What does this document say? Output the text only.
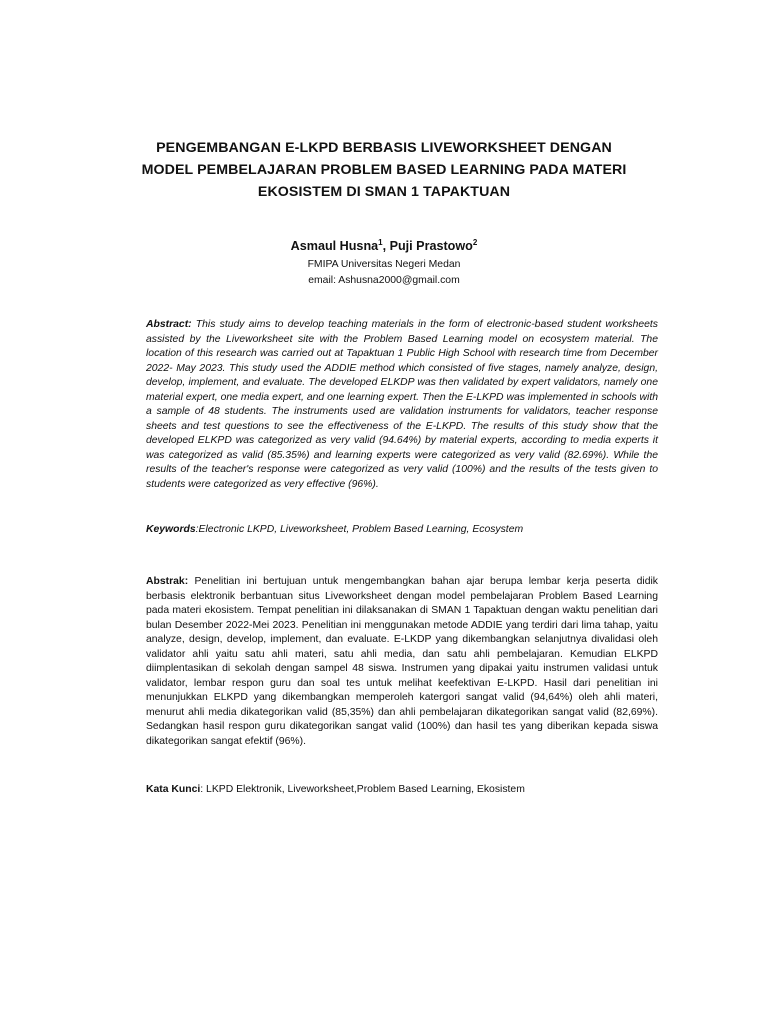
PENGEMBANGAN E-LKPD BERBASIS LIVEWORKSHEET DENGAN
MODEL PEMBELAJARAN PROBLEM BASED LEARNING PADA MATERI
EKOSISTEM DI SMAN 1 TAPAKTUAN

Asmaul Husna$^1$, Puji Prastowo$^2$

FMIPA Universitas Negeri Medan

email: Ashusna2000@gmail.com

Abstract: This study aims to develop teaching materials in the form of electronic-based student worksheets assisted by the Liveworksheet site with the Problem Based Learning model on ecosystem material. The location of this research was carried out at Tapaktuan 1 Public High School with research time from December 2022- May 2023. This study used the ADDIE method which consisted of five stages, namely analyze, design, develop, implement, and evaluate. The developed ELKDP was then validated by expert validators, namely one material expert, one media expert, and one learning expert. Then the E-LKPD was implemented in schools with a sample of 48 students. The instruments used are validation instruments for validators, teacher response sheets and test questions to see the effectiveness of the E-LKPD. The results of this study show that the developed ELKPD was categorized as very valid (94.64%) by material experts, according to media experts it was categorized as valid (85.35%) and learning experts were categorized as very valid (82.69%). While the results of the teacher's response were categorized as very valid (100%) and the results of the tests given to students were categorized as very effective (96%).

Keywords:Electronic LKPD, Liveworksheet, Problem Based Learning, Ecosystem

Abstrak: Penelitian ini bertujuan untuk mengembangkan bahan ajar berupa lembar kerja peserta didik berbasis elektronik berbantuan situs Liveworksheet dengan model pembelajaran Problem Based Learning pada materi ekosistem. Tempat penelitian ini dilaksanakan di SMAN 1 Tapaktuan dengan waktu penelitian dari bulan Desember 2022-Mei 2023. Penelitian ini menggunakan metode ADDIE yang terdiri dari lima tahap, yaitu analyze, design, develop, implement, dan evaluate. E-LKDP yang dikembangkan selanjutnya divalidasi oleh validator ahli yaitu satu ahli materi, satu ahli media, dan satu ahli pembelajaran. Kemudian ELKPD diimplentasikan di sekolah dengan sampel 48 siswa. Instrumen yang dipakai yaitu instrumen validasi untuk validator, lembar respon guru dan soal tes untuk melihat keefektivan E-LKPD. Hasil dari penelitian ini menunjukkan ELKPD yang dikembangkan memperoleh katergori sangat valid (94,64%) oleh ahli materi, menurut ahli media dikategorikan valid (85,35%) dan ahli pembelajaran dikategorikan sangat valid (82,69%). Sedangkan hasil respon guru dikategorikan sangat valid (100%) dan hasil tes yang diberikan kepada siswa dikategorikan sangat efektif (96%).

Kata Kunci: LKPD Elektronik, Liveworksheet,Problem Based Learning, Ekosistem
